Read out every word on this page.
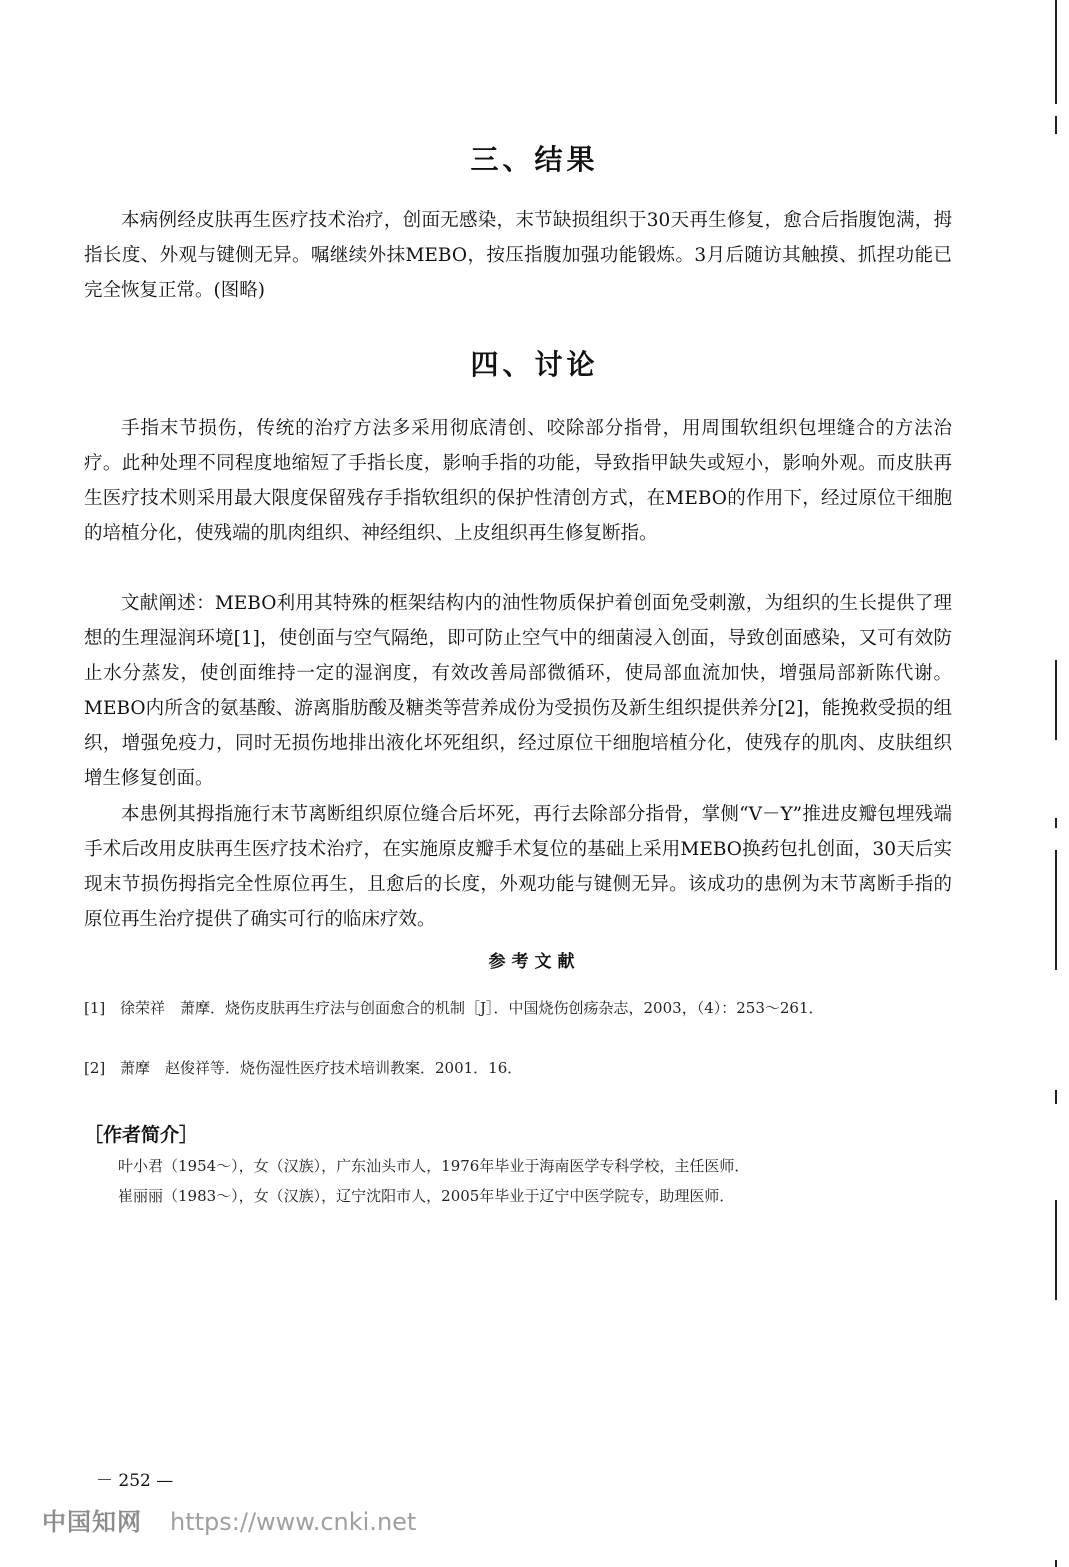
三、结果

本病例经皮肤再生医疗技术治疗，创面无感染，末节缺损组织于30天再生修复，愈合后指腹饱满，拇指长度、外观与键侧无异。嘱继续外抹MEBO，按压指腹加强功能锻炼。3月后随访其触摸、抓捏功能已完全恢复正常。(图略)

四、讨论

手指末节损伤，传统的治疗方法多采用彻底清创、咬除部分指骨，用周围软组织包埋缝合的方法治疗。此种处理不同程度地缩短了手指长度，影响手指的功能，导致指甲缺失或短小，影响外观。而皮肤再生医疗技术则采用最大限度保留残存手指软组织的保护性清创方式，在MEBO的作用下，经过原位干细胞的培植分化，使残端的肌肉组织、神经组织、上皮组织再生修复断指。

文献阐述：MEBO利用其特殊的框架结构内的油性物质保护着创面免受刺激，为组织的生长提供了理想的生理湿润环境[1]，使创面与空气隔绝，即可防止空气中的细菌浸入创面，导致创面感染，又可有效防止水分蒸发，使创面维持一定的湿润度，有效改善局部微循环，使局部血流加快，增强局部新陈代谢。MEBO内所含的氨基酸、游离脂肪酸及糖类等营养成份为受损伤及新生组织提供养分[2]，能挽救受损的组织，增强免疫力，同时无损伤地排出液化坏死组织，经过原位干细胞培植分化，使残存的肌肉、皮肤组织增生修复创面。

本患例其拇指施行末节离断组织原位缝合后坏死，再行去除部分指骨，掌侧“V－Y”推进皮瓣包埋残端手术后改用皮肤再生医疗技术治疗，在实施原皮瓣手术复位的基础上采用MEBO换药包扎创面，30天后实现末节损伤拇指完全性原位再生，且愈后的长度，外观功能与键侧无异。该成功的患例为末节离断手指的原位再生治疗提供了确实可行的临床疗效。

参考文献

[1] 徐荣祥　萧摩．烧伤皮肤再生疗法与创面愈合的机制［J］．中国烧伤创疡杂志，2003，（4）：253～261．

[2] 萧摩　赵俊祥等．烧伤湿性医疗技术培训教案．2001．16．

［作者简介］

叶小君（1954～），女（汉族），广东汕头市人，1976年毕业于海南医学专科学校，主任医师．

崔丽丽（1983～），女（汉族），辽宁沈阳市人，2005年毕业于辽宁中医学院专，助理医师．

－ 252 —
中国知网 https://www.cnki.net
